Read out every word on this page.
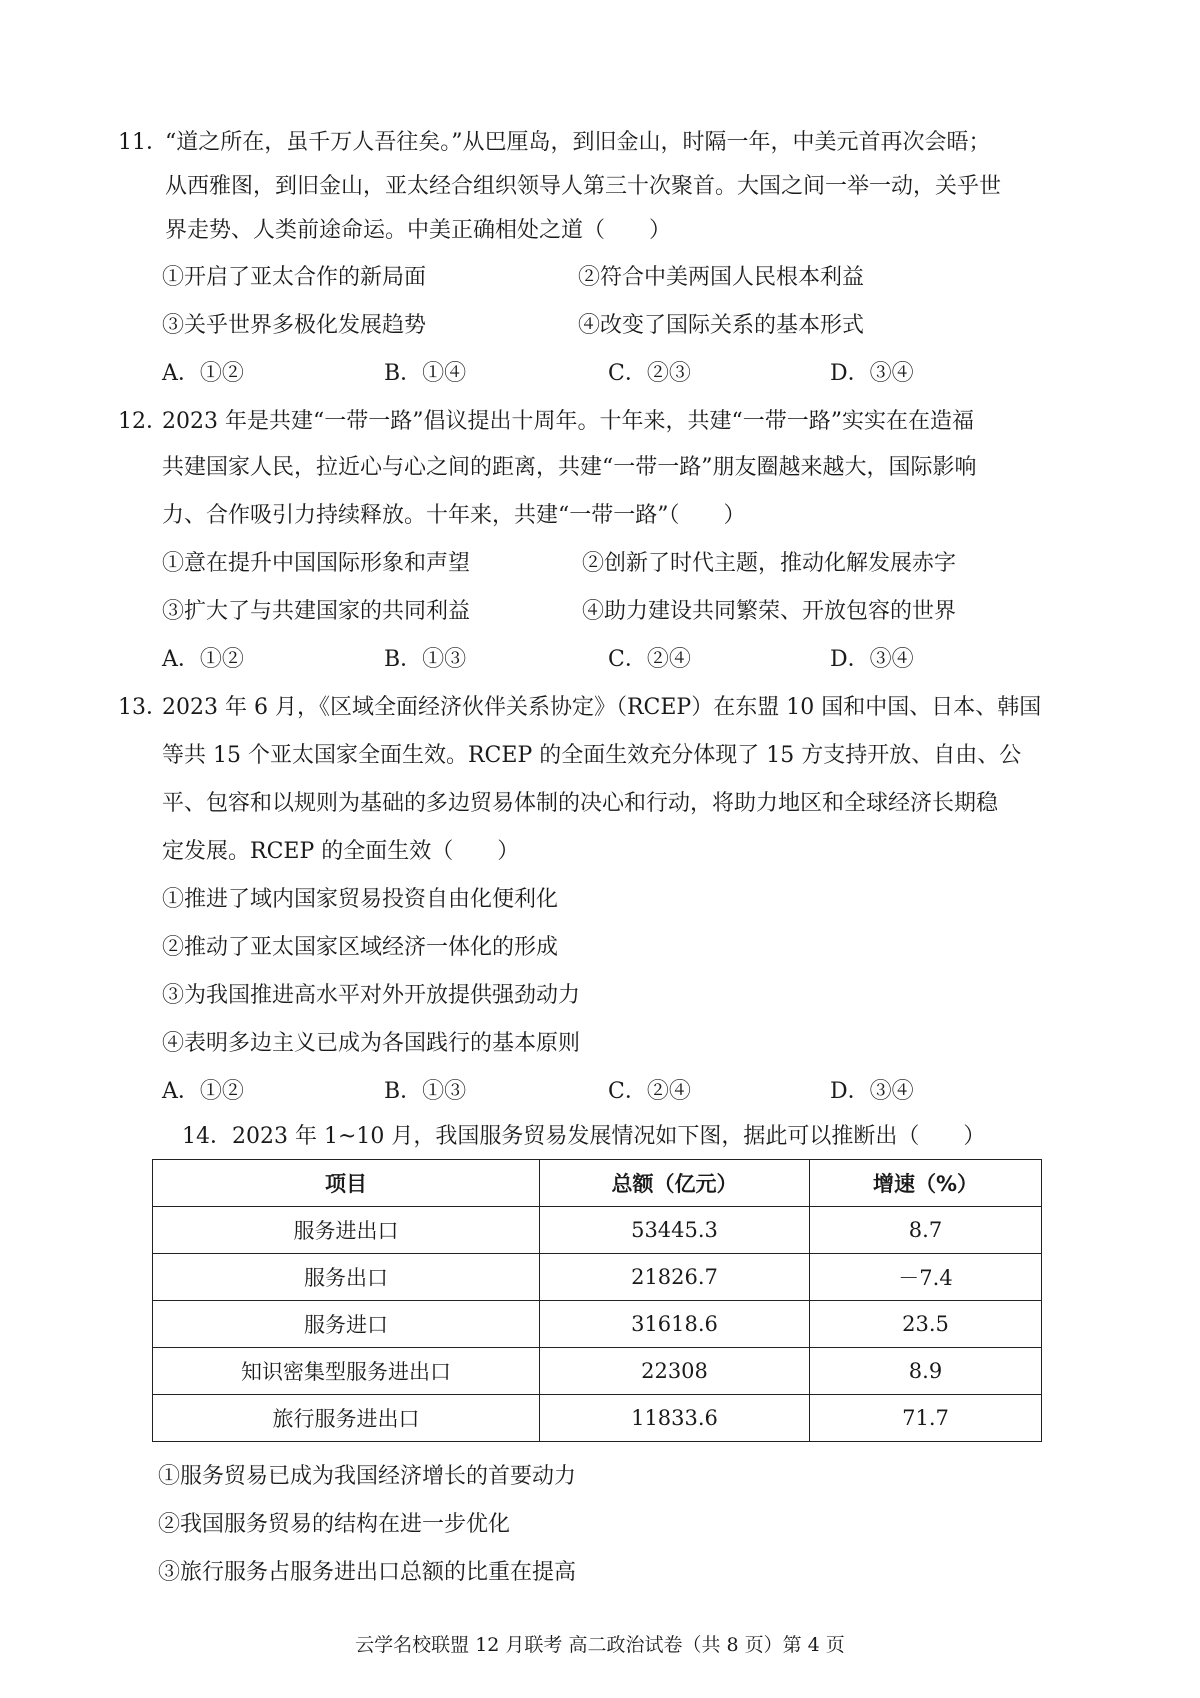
11．
“道之所在，虽千万人吾往矣。”从巴厘岛，到旧金山，时隔一年，中美元首再次会晤；
从西雅图，到旧金山，亚太经合组织领导人第三十次聚首。大国之间一举一动，关乎世
界走势、人类前途命运。中美正确相处之道（　　）
①开启了亚太合作的新局面	②符合中美两国人民根本利益
③关乎世界多极化发展趋势	④改变了国际关系的基本形式
A．①②	B．①④	C．②③	D．③④
12．
2023 年是共建“一带一路”倡议提出十周年。十年来，共建“一带一路”实实在在造福
共建国家人民，拉近心与心之间的距离，共建“一带一路”朋友圈越来越大，国际影响
力、合作吸引力持续释放。十年来，共建“一带一路”（　　）
①意在提升中国国际形象和声望	②创新了时代主题，推动化解发展赤字
③扩大了与共建国家的共同利益	④助力建设共同繁荣、开放包容的世界
A．①②	B．①③	C．②④	D．③④
13．
2023 年 6 月，《区域全面经济伙伴关系协定》（RCEP）在东盟 10 国和中国、日本、韩国
等共 15 个亚太国家全面生效。RCEP 的全面生效充分体现了 15 方支持开放、自由、公
平、包容和以规则为基础的多边贸易体制的决心和行动，将助力地区和全球经济长期稳
定发展。RCEP 的全面生效（　　）
①推进了域内国家贸易投资自由化便利化
②推动了亚太国家区域经济一体化的形成
③为我国推进高水平对外开放提供强劲动力
④表明多边主义已成为各国践行的基本原则
A．①②	B．①③	C．②④	D．③④
14．2023 年 1~10 月，我国服务贸易发展情况如下图，据此可以推断出（　　）
项目	总额（亿元）	增速（%）
服务进出口	53445.3	8.7
服务出口	21826.7	－7.4
服务进口	31618.6	23.5
知识密集型服务进出口	22308	8.9
旅行服务进出口	11833.6	71.7
①服务贸易已成为我国经济增长的首要动力
②我国服务贸易的结构在进一步优化
③旅行服务占服务进出口总额的比重在提高
云学名校联盟 12 月联考 高二政治试卷（共 8 页）第 4 页
